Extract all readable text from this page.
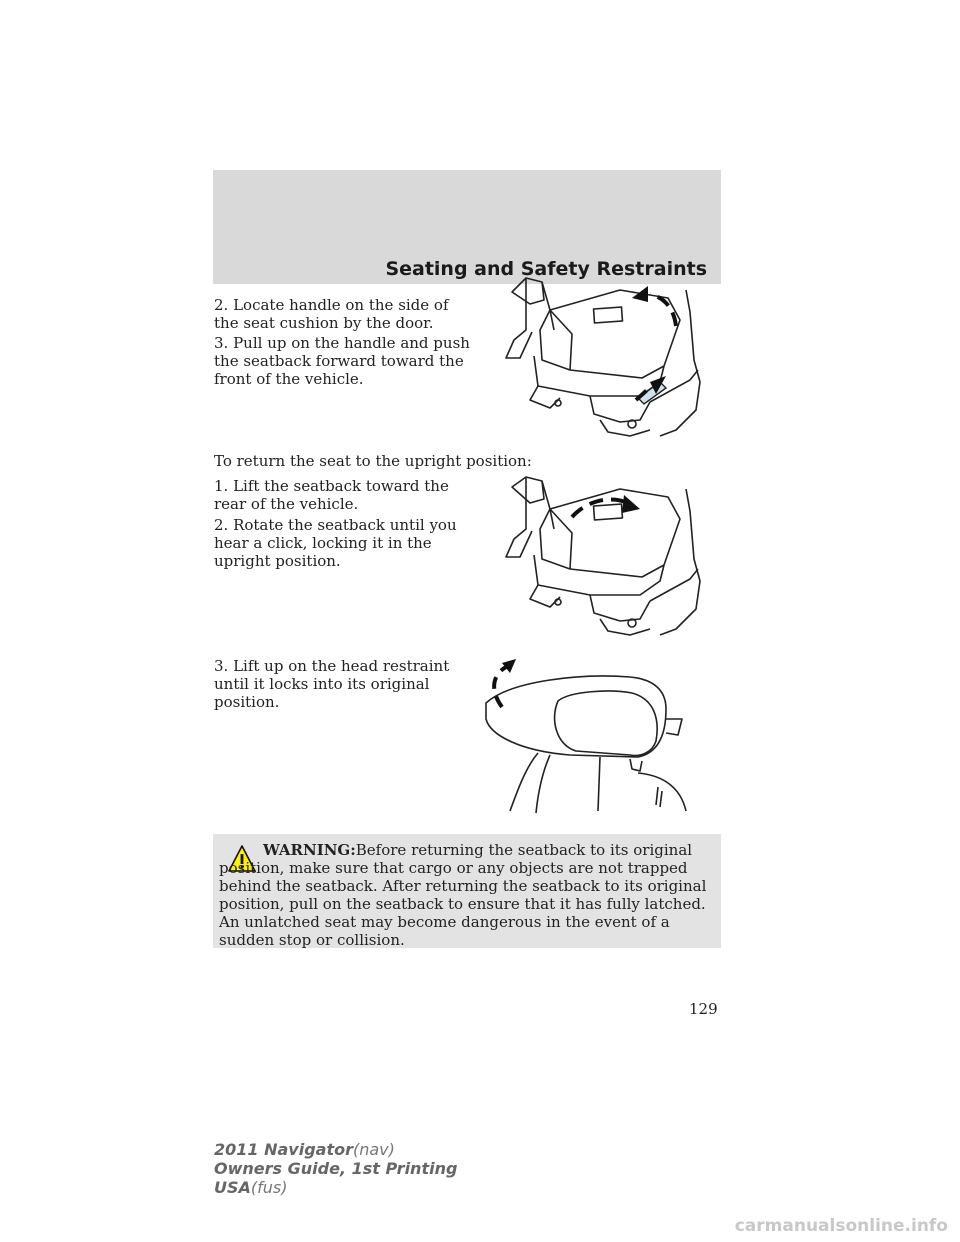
Seating and Safety Restraints

2. Locate handle on the side of the seat cushion by the door.

3. Pull up on the handle and push the seatback forward toward the front of the vehicle.

To return the seat to the upright position:

1. Lift the seatback toward the rear of the vehicle.

2. Rotate the seatback until you hear a click, locking it in the upright position.

3. Lift up on the head restraint until it locks into its original position.

WARNING:Before returning the seatback to its original position, make sure that cargo or any objects are not trapped behind the seatback. After returning the seatback to its original position, pull on the seatback to ensure that it has fully latched. An unlatched seat may become dangerous in the event of a sudden stop or collision.

129
2011 Navigator(nav)
Owners Guide, 1st Printing
USA(fus)
carmanualsonline.info
